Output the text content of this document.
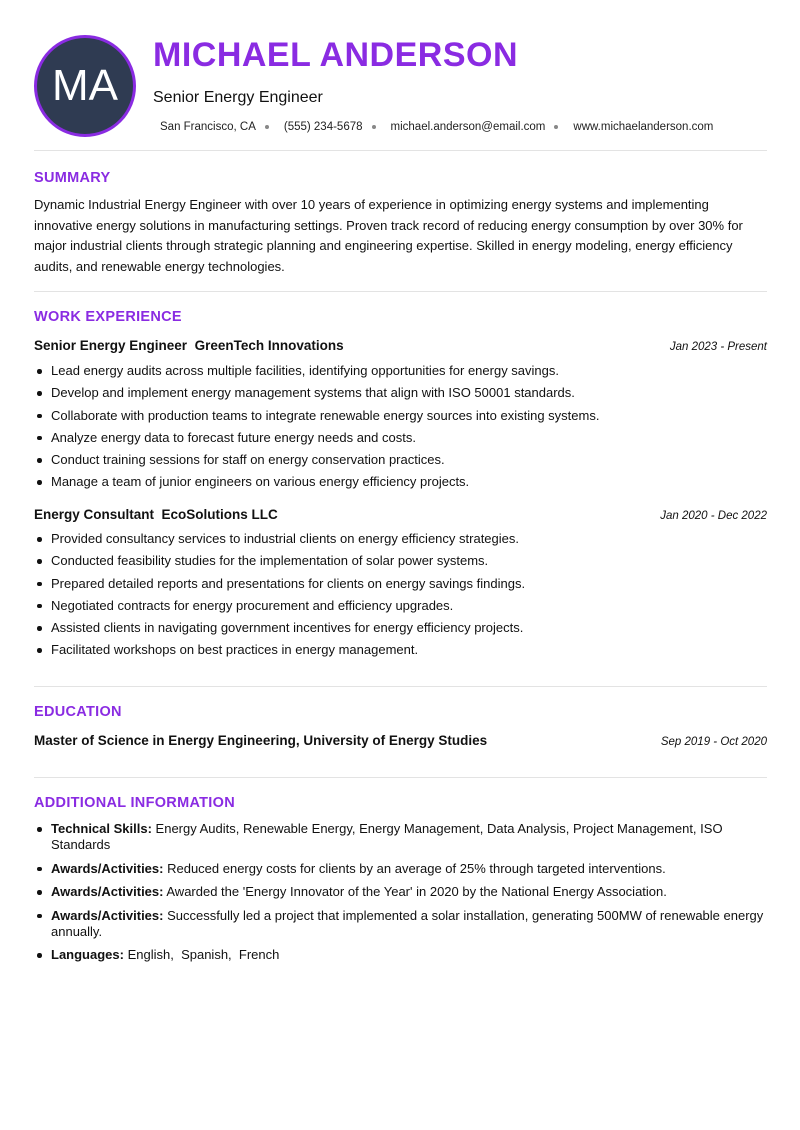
MA
MICHAEL ANDERSON
Senior Energy Engineer
San Francisco, CA (555) 234-5678 michael.anderson@email.com www.michaelanderson.com
SUMMARY
Dynamic Industrial Energy Engineer with over 10 years of experience in optimizing energy systems and implementing innovative energy solutions in manufacturing settings. Proven track record of reducing energy consumption by over 30% for major industrial clients through strategic planning and engineering expertise. Skilled in energy modeling, energy efficiency audits, and renewable energy technologies.
WORK EXPERIENCE
Senior Energy Engineer GreenTech Innovations	Jan 2023 - Present
Lead energy audits across multiple facilities, identifying opportunities for energy savings.
Develop and implement energy management systems that align with ISO 50001 standards.
Collaborate with production teams to integrate renewable energy sources into existing systems.
Analyze energy data to forecast future energy needs and costs.
Conduct training sessions for staff on energy conservation practices.
Manage a team of junior engineers on various energy efficiency projects.
Energy Consultant EcoSolutions LLC	Jan 2020 - Dec 2022
Provided consultancy services to industrial clients on energy efficiency strategies.
Conducted feasibility studies for the implementation of solar power systems.
Prepared detailed reports and presentations for clients on energy savings findings.
Negotiated contracts for energy procurement and efficiency upgrades.
Assisted clients in navigating government incentives for energy efficiency projects.
Facilitated workshops on best practices in energy management.
EDUCATION
Master of Science in Energy Engineering, University of Energy Studies	Sep 2019 - Oct 2020
ADDITIONAL INFORMATION
Technical Skills: Energy Audits, Renewable Energy, Energy Management, Data Analysis, Project Management, ISO Standards
Awards/Activities: Reduced energy costs for clients by an average of 25% through targeted interventions.
Awards/Activities: Awarded the 'Energy Innovator of the Year' in 2020 by the National Energy Association.
Awards/Activities: Successfully led a project that implemented a solar installation, generating 500MW of renewable energy annually.
Languages: English,  Spanish,  French
